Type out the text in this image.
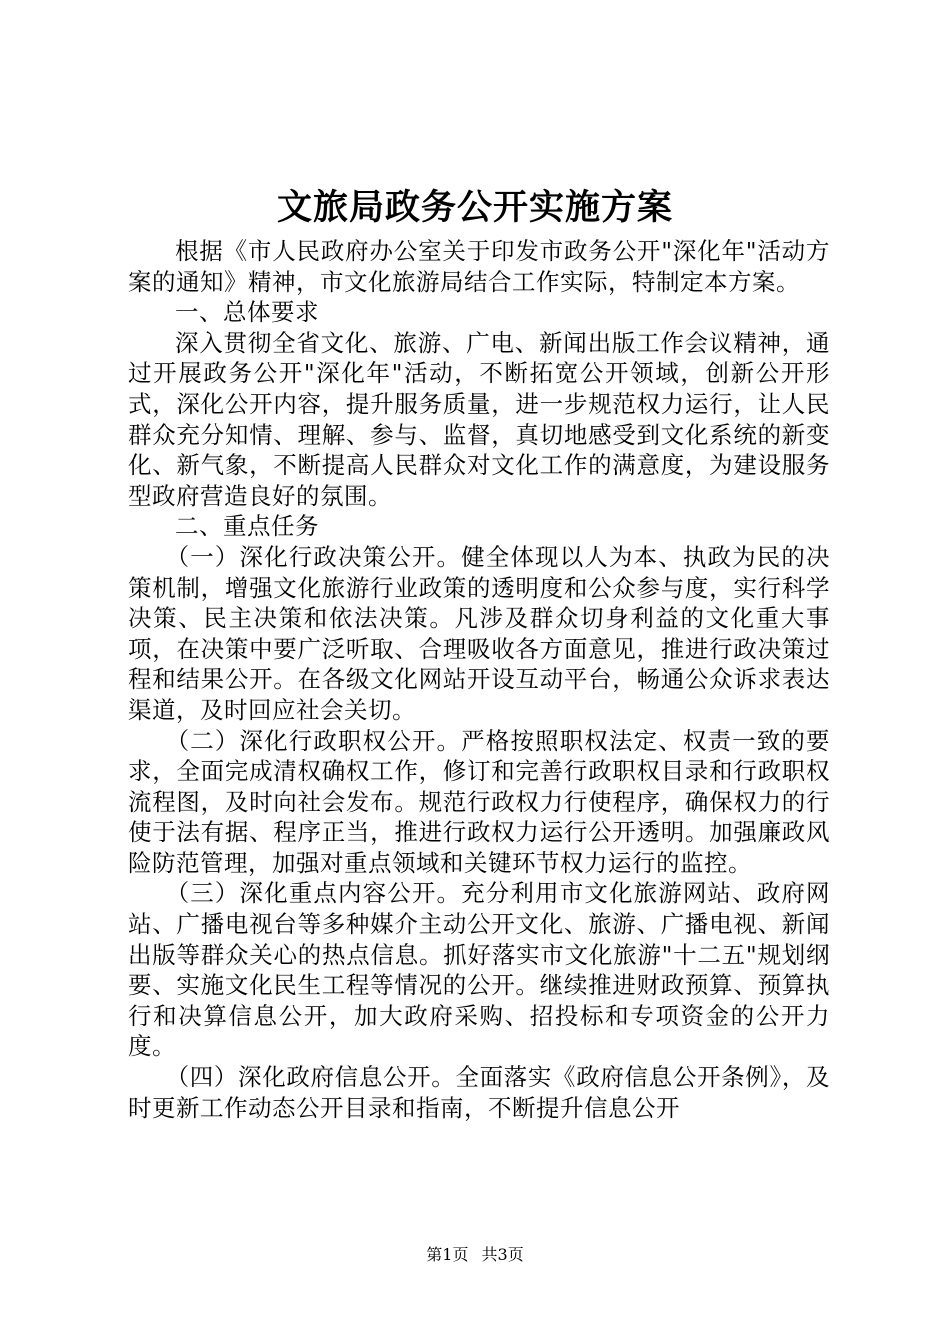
文旅局政务公开实施方案

根据《市人民政府办公室关于印发市政务公开"深化年"活动方案的通知》精神，市文化旅游局结合工作实际，特制定本方案。

一、总体要求

深入贯彻全省文化、旅游、广电、新闻出版工作会议精神，通过开展政务公开"深化年"活动，不断拓宽公开领域，创新公开形式，深化公开内容，提升服务质量，进一步规范权力运行，让人民群众充分知情、理解、参与、监督，真切地感受到文化系统的新变化、新气象，不断提高人民群众对文化工作的满意度，为建设服务型政府营造良好的氛围。

二、重点任务

（一）深化行政决策公开。健全体现以人为本、执政为民的决策机制，增强文化旅游行业政策的透明度和公众参与度，实行科学决策、民主决策和依法决策。凡涉及群众切身利益的文化重大事项，在决策中要广泛听取、合理吸收各方面意见，推进行政决策过程和结果公开。在各级文化网站开设互动平台，畅通公众诉求表达渠道，及时回应社会关切。

（二）深化行政职权公开。严格按照职权法定、权责一致的要求，全面完成清权确权工作，修订和完善行政职权目录和行政职权流程图，及时向社会发布。规范行政权力行使程序，确保权力的行使于法有据、程序正当，推进行政权力运行公开透明。加强廉政风险防范管理，加强对重点领域和关键环节权力运行的监控。

（三）深化重点内容公开。充分利用市文化旅游网站、政府网站、广播电视台等多种媒介主动公开文化、旅游、广播电视、新闻出版等群众关心的热点信息。抓好落实市文化旅游"十二五"规划纲要、实施文化民生工程等情况的公开。继续推进财政预算、预算执行和决算信息公开，加大政府采购、招投标和专项资金的公开力度。

（四）深化政府信息公开。全面落实《政府信息公开条例》，及时更新工作动态公开目录和指南，不断提升信息公开

第1页 共3页
